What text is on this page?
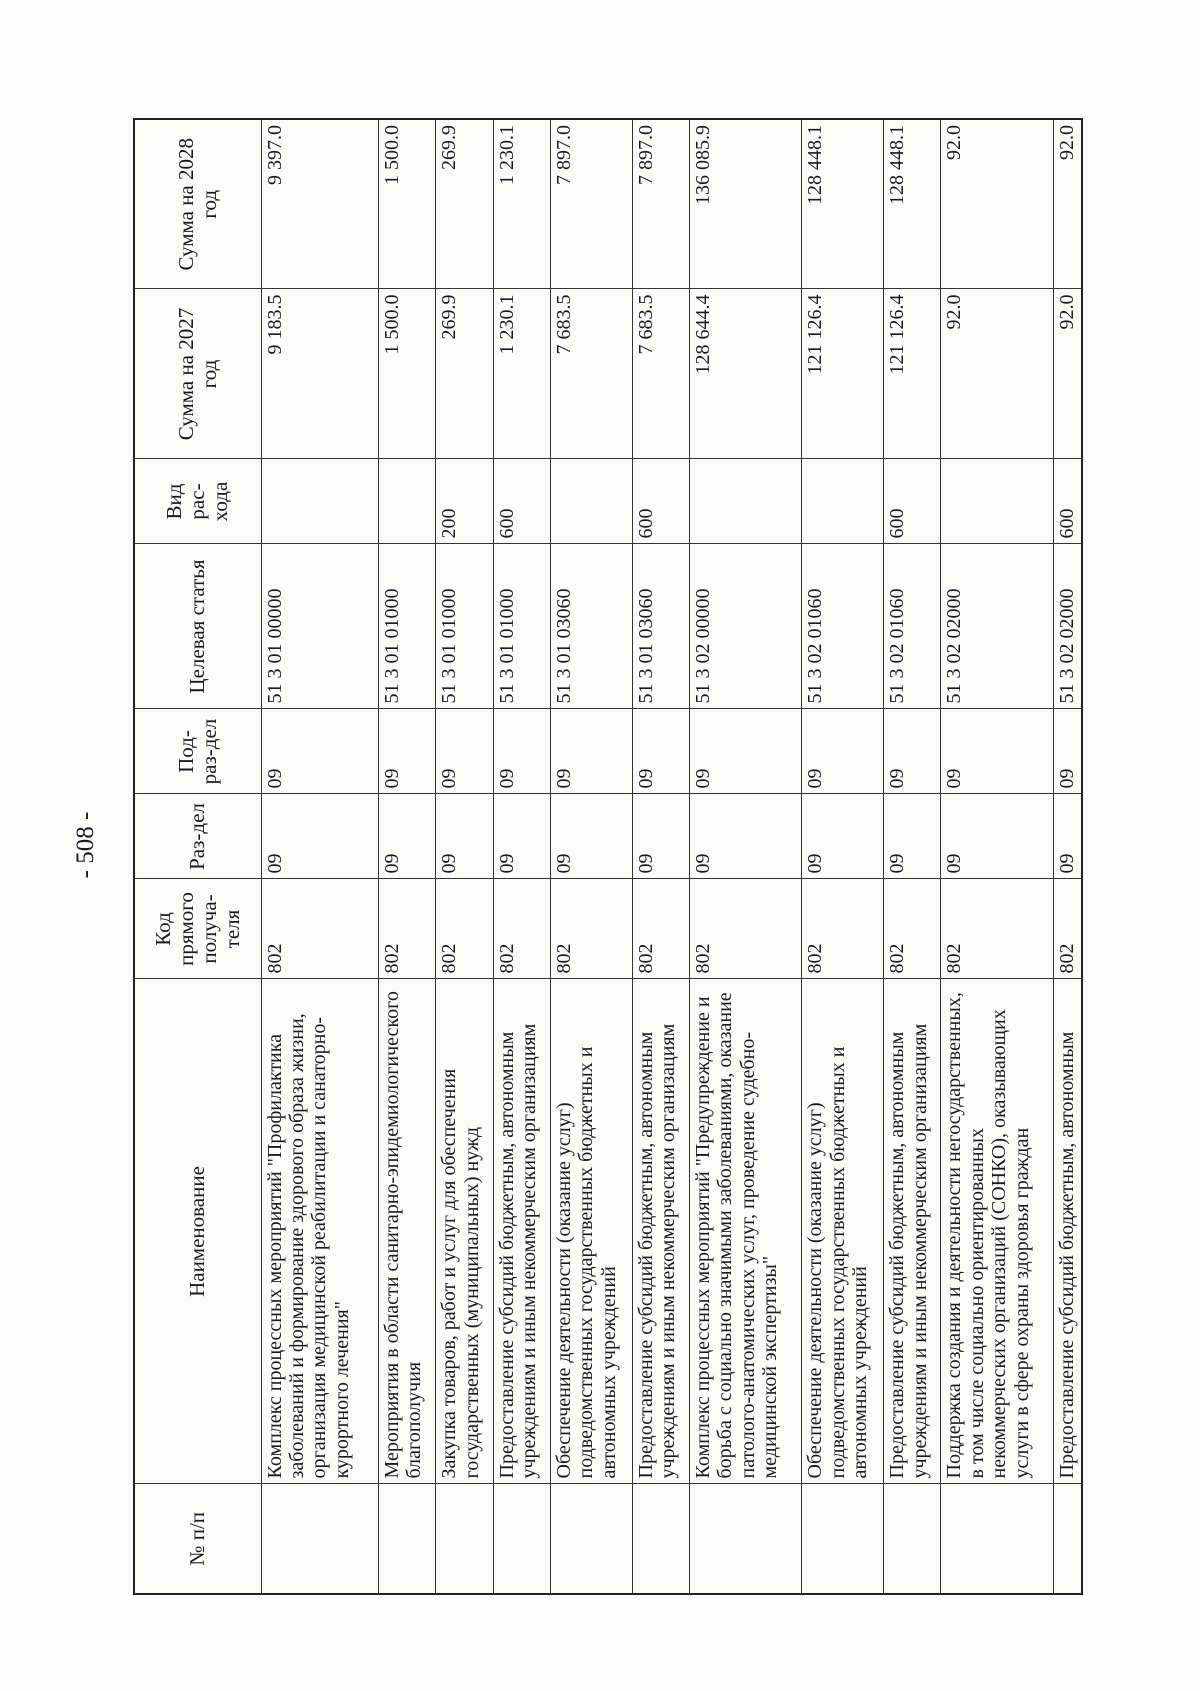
- 508 -
№ п/п	Наименование	Код прямого получа-теля	Раз-дел	Под-раз-дел	Целевая статья	Вид рас-хода	Сумма на 2027 год	Сумма на 2028 год
	Комплекс процессных мероприятий "Профилактика заболеваний и формирование здорового образа жизни, организация медицинской реабилитации и санаторно-курортного лечения"	802	09	09	51 3 01 00000		9 183.5	9 397.0
	Мероприятия в области санитарно-эпидемиологического благополучия	802	09	09	51 3 01 01000		1 500.0	1 500.0
	Закупка товаров, работ и услуг для обеспечения государственных (муниципальных) нужд	802	09	09	51 3 01 01000	200	269.9	269.9
	Предоставление субсидий бюджетным, автономным учреждениям и иным некоммерческим организациям	802	09	09	51 3 01 01000	600	1 230.1	1 230.1
	Обеспечение деятельности (оказание услуг) подведомственных государственных бюджетных и автономных учреждений	802	09	09	51 3 01 03060		7 683.5	7 897.0
	Предоставление субсидий бюджетным, автономным учреждениям и иным некоммерческим организациям	802	09	09	51 3 01 03060	600	7 683.5	7 897.0
	Комплекс процессных мероприятий "Предупреждение и борьба с социально значимыми заболеваниями, оказание патолого-анатомических услуг, проведение судебно-медицинской экспертизы"	802	09	09	51 3 02 00000		128 644.4	136 085.9
	Обеспечение деятельности (оказание услуг) подведомственных государственных бюджетных и автономных учреждений	802	09	09	51 3 02 01060		121 126.4	128 448.1
	Предоставление субсидий бюджетным, автономным учреждениям и иным некоммерческим организациям	802	09	09	51 3 02 01060	600	121 126.4	128 448.1
	Поддержка создания и деятельности негосударственных, в том числе социально ориентированных некоммерческих организаций (СОНКО), оказывающих услуги в сфере охраны здоровья граждан	802	09	09	51 3 02 02000		92.0	92.0
	Предоставление субсидий бюджетным, автономным	802	09	09	51 3 02 02000	600	92.0	92.0
